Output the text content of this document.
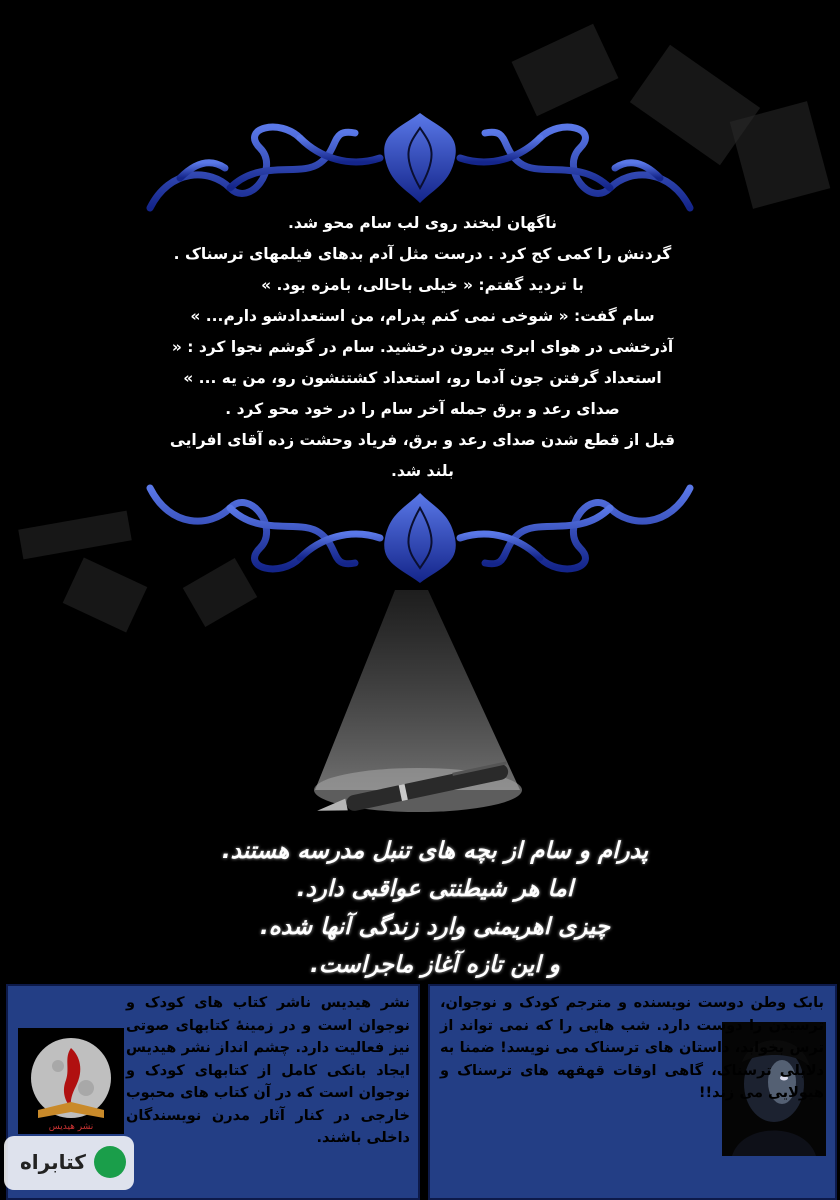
ناگهان لبخند روی لب سام محو شد.

گردنش را کمی کج کرد . درست مثل آدم بدهای فیلمهای ترسناک .

با تردید گفتم: « خیلی باحالی، بامزه بود. »

سام گفت: « شوخی نمی کنم پدرام، من استعدادشو دارم... »

آذرخشی در هوای ابری بیرون درخشید. سام در گوشم نجوا کرد : «

استعداد گرفتن جون آدما رو، استعداد کشتنشون رو، من یه ... »

صدای رعد و برق جمله آخر سام را در خود محو کرد .

قبل از قطع شدن صدای رعد و برق، فریاد وحشت زده آقای افرایی

بلند شد.

پدرام و سام از بچه های تنبل مدرسه هستند.

اما هر شیطنتی عواقبی دارد.

چیزی اهریمنی وارد زندگی آنها شده.

و این تازه آغاز ماجراست.

نشر هیدیس
نشر هیدیس ناشر کتاب های کودک و نوجوان است و در زمینهٔ کتابهای صوتی نیز فعالیت دارد. چشم انداز نشر هیدیس ایجاد بانکی کامل از کتابهای کودک و نوجوان است که در آن کتاب های محبوب خارجی در کنار آثار مدرن نویسندگان داخلی باشند.
بابک وطن دوست نویسنده و مترجم کودک و نوجوان، ترسیدن را دوست دارد. شب هایی را که نمی تواند از ترس بخوابد، داستان های ترسناک می نویسد! ضمنا به دلایلی ترسناک، گاهی اوقات قهقهه های ترسناک و هیولایی می زند!!
کتابراه
